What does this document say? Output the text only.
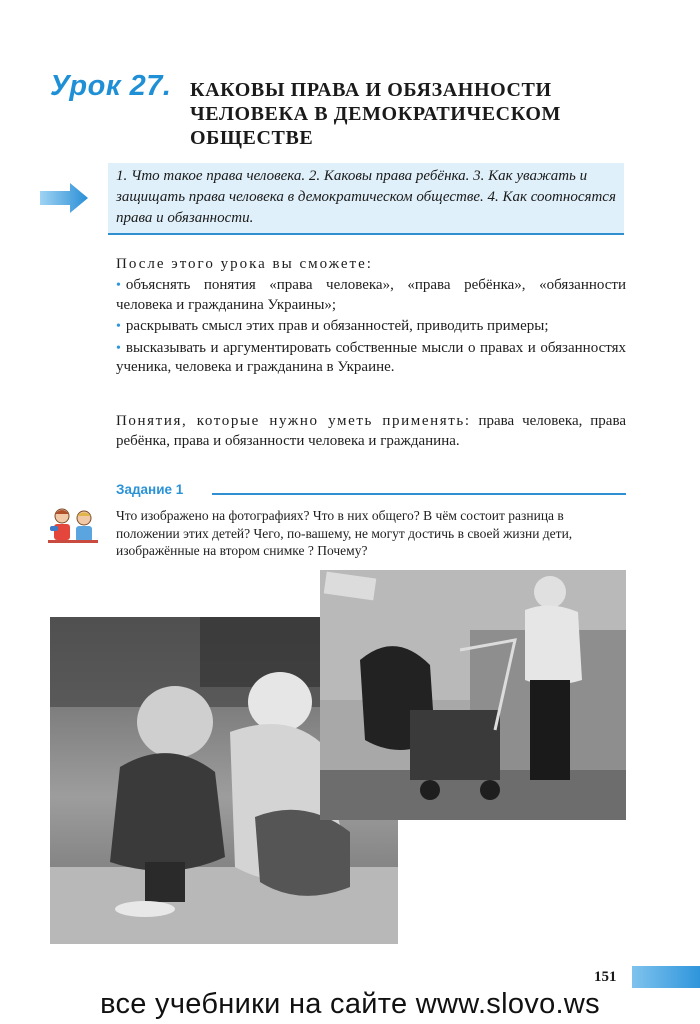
Урок 27. КАКОВЫ ПРАВА И ОБЯЗАННОСТИ ЧЕЛОВЕКА В ДЕМОКРАТИЧЕСКОМ ОБЩЕСТВЕ
1. Что такое права человека. 2. Каковы права ребёнка. 3. Как уважать и защищать права человека в демократическом обществе. 4. Как соотносятся права и обязанности.
После этого урока вы сможете:
• объяснять понятия «права человека», «права ребёнка», «обязанности человека и гражданина Украины»;
• раскрывать смысл этих прав и обязанностей, приводить примеры;
• высказывать и аргументировать собственные мысли о правах и обязанностях ученика, человека и гражданина в Украине.
Понятия, которые нужно уметь применять: права человека, права ребёнка, права и обязанности человека и гражданина.
Задание 1
Что изображено на фотографиях? Что в них общего? В чём состоит разница в положении этих детей? Чего, по-вашему, не могут достичь в своей жизни дети, изображённые на втором снимке ? Почему?
151
все учебники на сайте www.slovo.ws
